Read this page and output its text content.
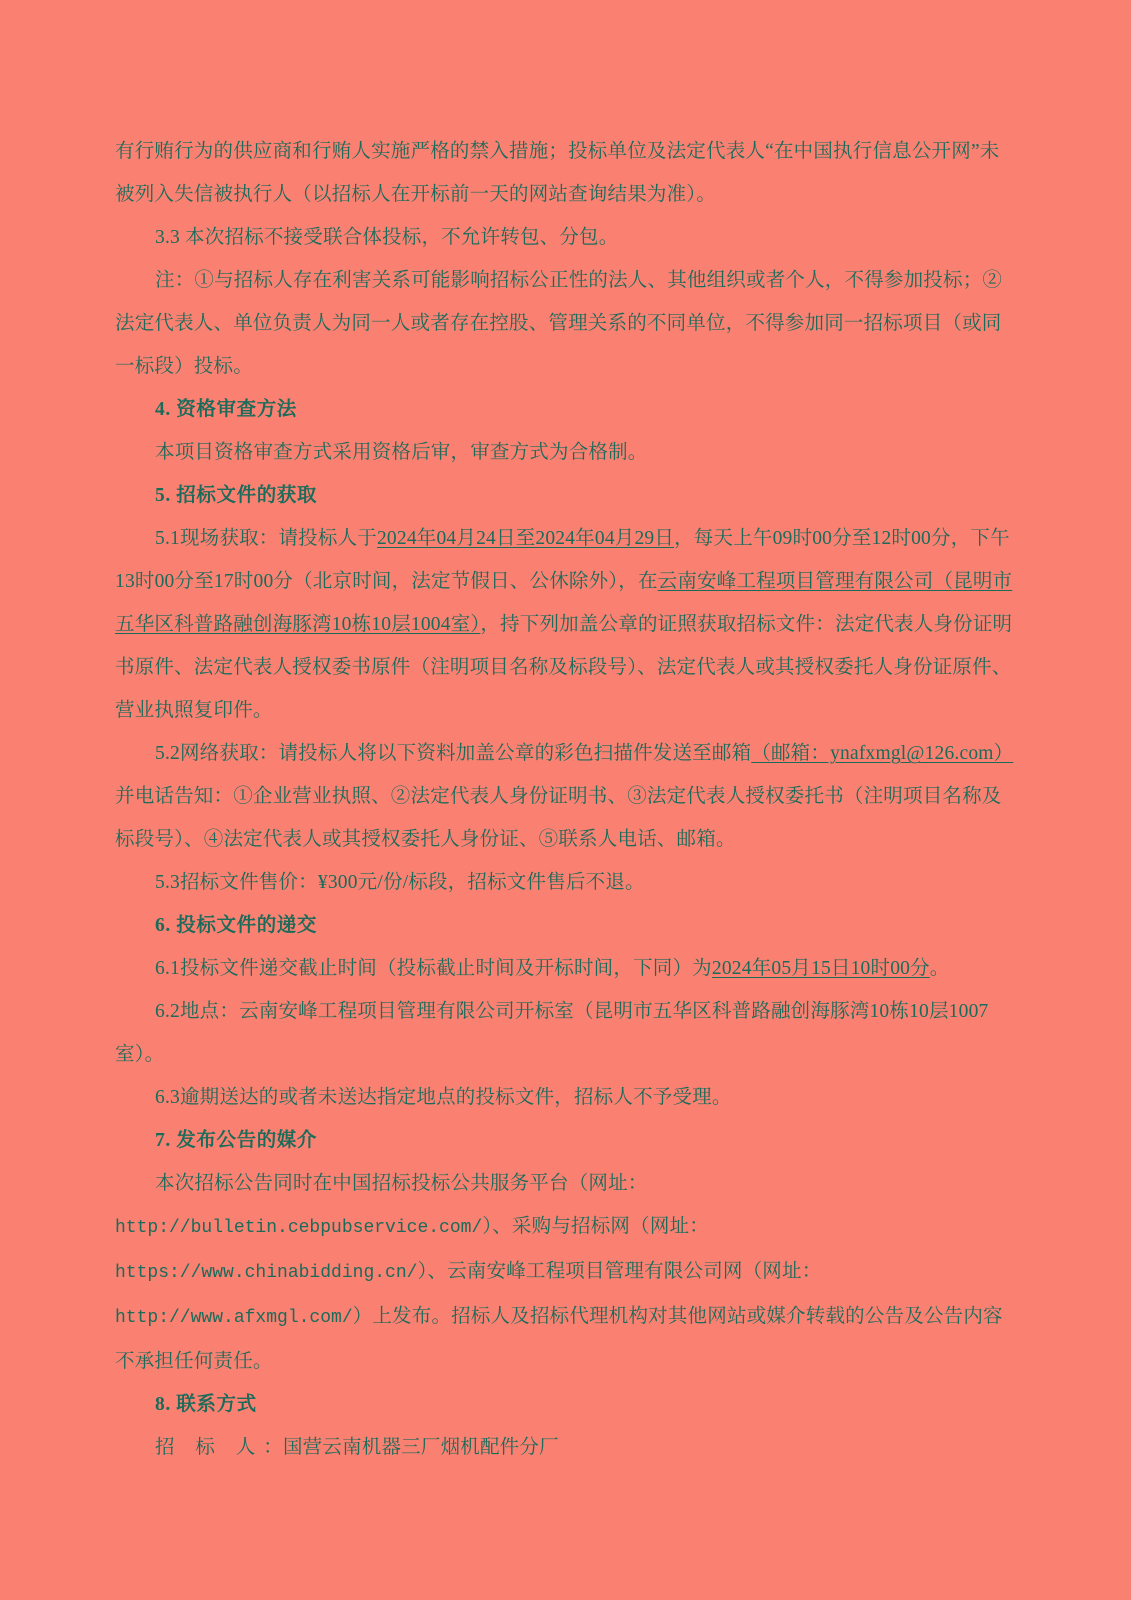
有行贿行为的供应商和行贿人实施严格的禁入措施；投标单位及法定代表人“在中国执行信息公开网”未被列入失信被执行人（以招标人在开标前一天的网站查询结果为准）。

3.3 本次招标不接受联合体投标，不允许转包、分包。

注：①与招标人存在利害关系可能影响招标公正性的法人、其他组织或者个人，不得参加投标；②法定代表人、单位负责人为同一人或者存在控股、管理关系的不同单位，不得参加同一招标项目（或同一标段）投标。

4. 资格审查方法

本项目资格审查方式采用资格后审，审查方式为合格制。

5. 招标文件的获取

5.1现场获取：请投标人于2024年04月24日至2024年04月29日，每天上午09时00分至12时00分，下午13时00分至17时00分（北京时间，法定节假日、公休除外），在云南安峰工程项目管理有限公司（昆明市五华区科普路融创海豚湾10栋10层1004室），持下列加盖公章的证照获取招标文件：法定代表人身份证明书原件、法定代表人授权委书原件（注明项目名称及标段号）、法定代表人或其授权委托人身份证原件、营业执照复印件。

5.2网络获取：请投标人将以下资料加盖公章的彩色扫描件发送至邮箱（邮箱：ynafxmgl@126.com）并电话告知：①企业营业执照、②法定代表人身份证明书、③法定代表人授权委托书（注明项目名称及标段号）、④法定代表人或其授权委托人身份证、⑤联系人电话、邮箱。

5.3招标文件售价：¥300元/份/标段，招标文件售后不退。

6. 投标文件的递交

6.1投标文件递交截止时间（投标截止时间及开标时间，下同）为2024年05月15日10时00分。

6.2地点：云南安峰工程项目管理有限公司开标室（昆明市五华区科普路融创海豚湾10栋10层1007室）。

6.3逾期送达的或者未送达指定地点的投标文件，招标人不予受理。

7. 发布公告的媒介

本次招标公告同时在中国招标投标公共服务平台（网址：http://bulletin.cebpubservice.com/）、采购与招标网（网址：https://www.chinabidding.cn/）、云南安峰工程项目管理有限公司网（网址：http://www.afxmgl.com/）上发布。招标人及招标代理机构对其他网站或媒介转载的公告及公告内容不承担任何责任。

8. 联系方式

招 标 人：国营云南机器三厂烟机配件分厂
